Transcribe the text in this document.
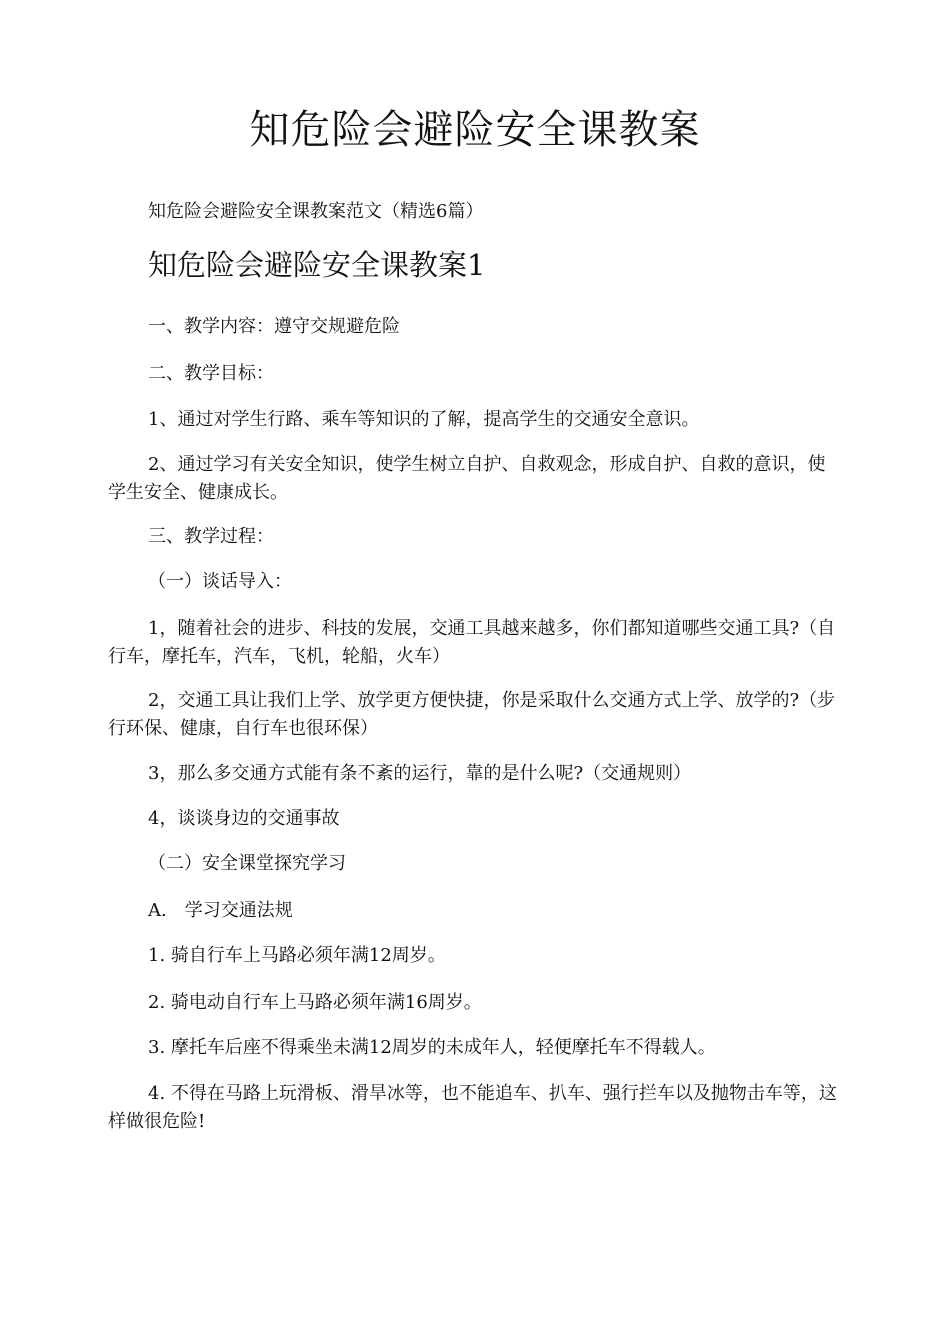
知危险会避险安全课教案
知危险会避险安全课教案范文（精选6篇）
知危险会避险安全课教案1
一、教学内容：遵守交规避危险
二、教学目标：
1、通过对学生行路、乘车等知识的了解，提高学生的交通安全意识。
2、通过学习有关安全知识，使学生树立自护、自救观念，形成自护、自救的意识，使学生安全、健康成长。
三、教学过程：
（一）谈话导入：
1，随着社会的进步、科技的发展，交通工具越来越多，你们都知道哪些交通工具?（自行车，摩托车，汽车，飞机，轮船，火车）
2，交通工具让我们上学、放学更方便快捷，你是采取什么交通方式上学、放学的?（步行环保、健康，自行车也很环保）
3，那么多交通方式能有条不紊的运行，靠的是什么呢?（交通规则）
4，谈谈身边的交通事故
（二）安全课堂探究学习
A.　学习交通法规
1. 骑自行车上马路必须年满12周岁。
2. 骑电动自行车上马路必须年满16周岁。
3. 摩托车后座不得乘坐未满12周岁的未成年人，轻便摩托车不得载人。
4. 不得在马路上玩滑板、滑旱冰等，也不能追车、扒车、强行拦车以及抛物击车等，这样做很危险!
